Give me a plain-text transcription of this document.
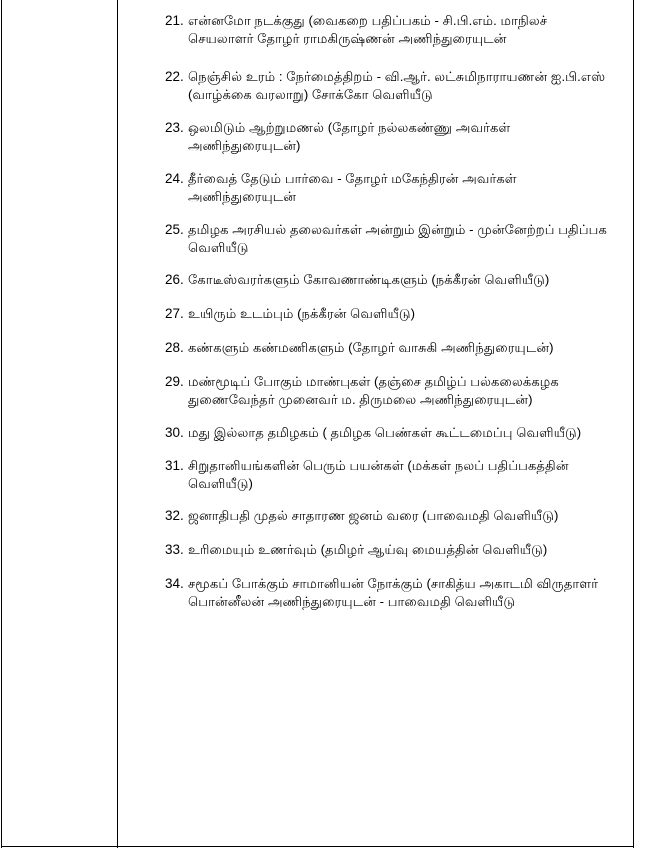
21. என்னமோ நடக்குது (வைகறை பதிப்பகம் - சி.பி.எம். மாநிலச்
செயலாளர் தோழர் ராமகிருஷ்ணன் அணிந்துரையுடன்
22. நெஞ்சில் உரம் : நேர்மைத்திறம் - வி.ஆர். லட்சுமிநாராயணன் ஐ.பி.எஸ்
(வாழ்க்கை வரலாறு) சோக்கோ வெளியீடு
23. ஒலமிடும் ஆற்றுமணல் (தோழர் நல்லகண்ணு அவர்கள்
அணிந்துரையுடன்)
24. தீர்வைத் தேடும் பார்வை - தோழர் மகேந்திரன் அவர்கள்
அணிந்துரையுடன்
25. தமிழக அரசியல் தலைவர்கள் அன்றும் இன்றும் - முன்னேற்றப் பதிப்பக
வெளியீடு
26. கோடீஸ்வரர்களும் கோவணாண்டிகளும் (நக்கீரன் வெளியீடு)
27. உயிரும் உடம்பும் (நக்கீரன் வெளியீடு)
28. கண்களும் கண்மணிகளும் (தோழர் வாசுகி அணிந்துரையுடன்)
29. மண்மூடிப் போகும் மாண்புகள் (தஞ்சை தமிழ்ப் பல்கலைக்கழக
துணைவேந்தர் முனைவர் ம. திருமலை அணிந்துரையுடன்)
30. மது இல்லாத தமிழகம் ( தமிழக பெண்கள் கூட்டமைப்பு வெளியீடு)
31. சிறுதானியங்களின் பெரும் பயன்கள் (மக்கள் நலப் பதிப்பகத்தின்
வெளியீடு)
32. ஜனாதிபதி முதல் சாதாரண ஜனம் வரை (பாவைமதி வெளியீடு)
33. உரிமையும் உணர்வும் (தமிழர் ஆய்வு மையத்தின் வெளியீடு)
34. சமூகப் போக்கும் சாமானியன் நோக்கும் (சாகித்ய அகாடமி விருதாளர்
பொன்னீலன் அணிந்துரையுடன் - பாவைமதி வெளியீடு
